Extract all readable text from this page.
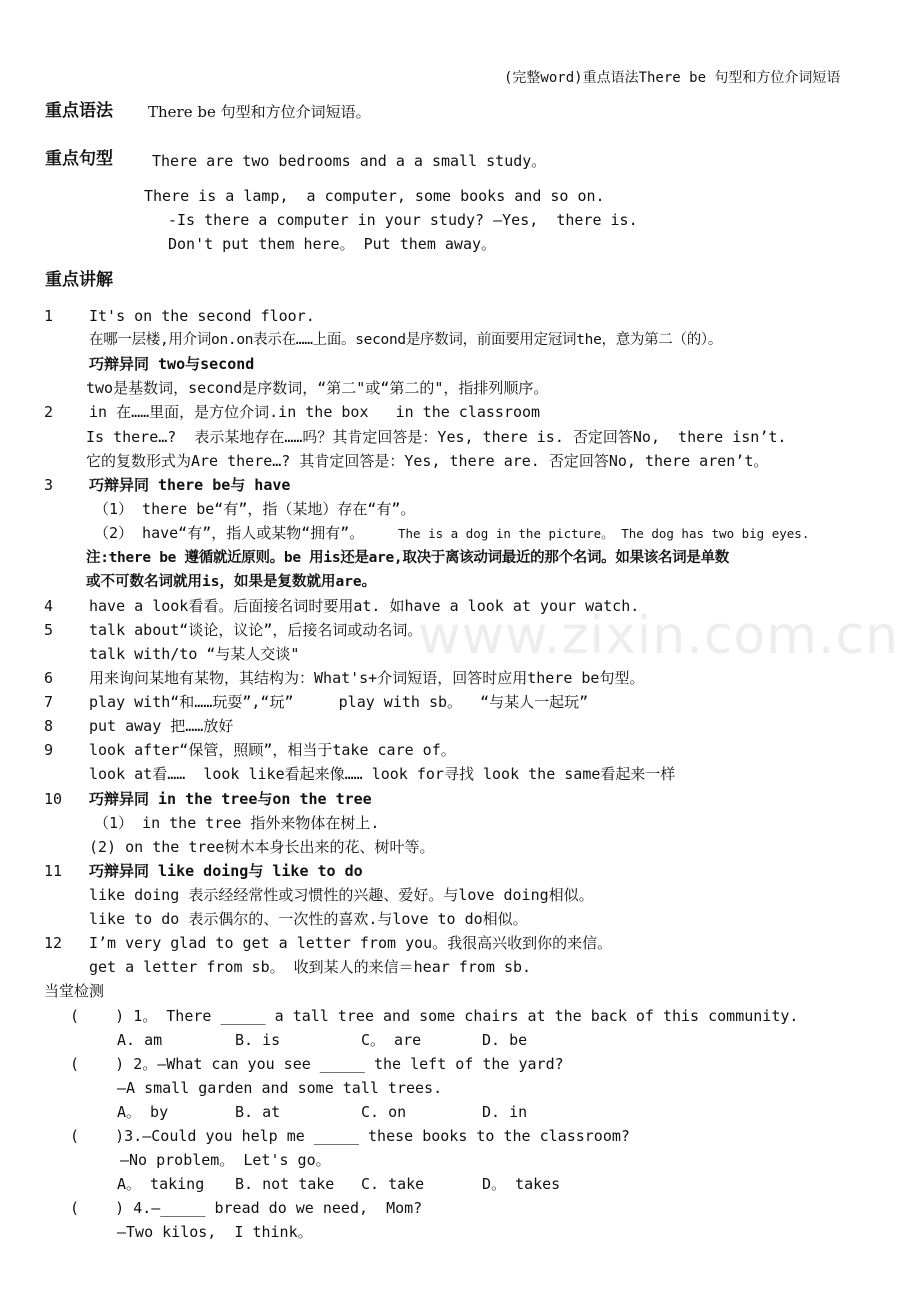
www.zixin.com.cn
(完整word)重点语法There be 句型和方位介词短语
重点语法 There be 句型和方位介词短语。
重点句型	There are two bedrooms and a a small study。
There is a lamp,  a computer, some books and so on.
-Is there a computer in your study? —Yes,  there is.
Don't put them here。 Put them away。
重点讲解
1 It's on the second floor.
在哪一层楼,用介词on.on表示在……上面。second是序数词，前面要用定冠词the，意为第二（的）。
巧辩异同 two与second
two是基数词，second是序数词，“第二"或“第二的"，指排列顺序。
2 in 在……里面，是方位介词.in the box   in the classroom
Is there…?  表示某地存在……吗？其肯定回答是：Yes, there is. 否定回答No,  there isn’t.
它的复数形式为Are there…? 其肯定回答是：Yes, there are. 否定回答No, there aren’t。
3 巧辩异同 there be与 have
（1） there be“有”，指（某地）存在“有”。
（2） have“有”，指人或某物“拥有”。	The is a dog in the picture。 The dog has two big eyes.
注:there be 遵循就近原则。be 用is还是are,取决于离该动词最近的那个名词。如果该名词是单数
或不可数名词就用is，如果是复数就用are。
4 have a look看看。后面接名词时要用at. 如have a look at your watch.
5 talk about“谈论，议论”，后接名词或动名词。
talk with/to “与某人交谈"
6 用来询问某地有某物，其结构为：What's+介词短语，回答时应用there be句型。
7 play with“和……玩耍”,“玩”     play with sb。  “与某人一起玩”
8 put away 把……放好
9 look after“保管，照顾”，相当于take care of。
look at看……  look like看起来像…… look for寻找 look the same看起来一样
10 巧辩异同 in the tree与on the tree
（1） in the tree 指外来物体在树上.
(2) on the tree树木本身长出来的花、树叶等。
11 巧辩异同 like doing与 like to do
like doing 表示经经常性或习惯性的兴趣、爱好。与love doing相似。
like to do 表示偶尔的、一次性的喜欢.与love to do相似。
12 I’m very glad to get a letter from you。我很高兴收到你的来信。
get a letter from sb。 收到某人的来信＝hear from sb.
当堂检测
(    ) 1。 There _____ a tall tree and some chairs at the back of this community.
A. am	B. is	C。 are	D. be
(    ) 2。—What can you see _____ the left of the yard?
—A small garden and some tall trees.
A。 by	B. at	C. on	D. in
(    )3.—Could you help me _____ these books to the classroom?
—No problem。 Let's go。
A。 taking B. not take C. take	D。 takes
(    ) 4.—_____ bread do we need,  Mom?
—Two kilos,  I think。
